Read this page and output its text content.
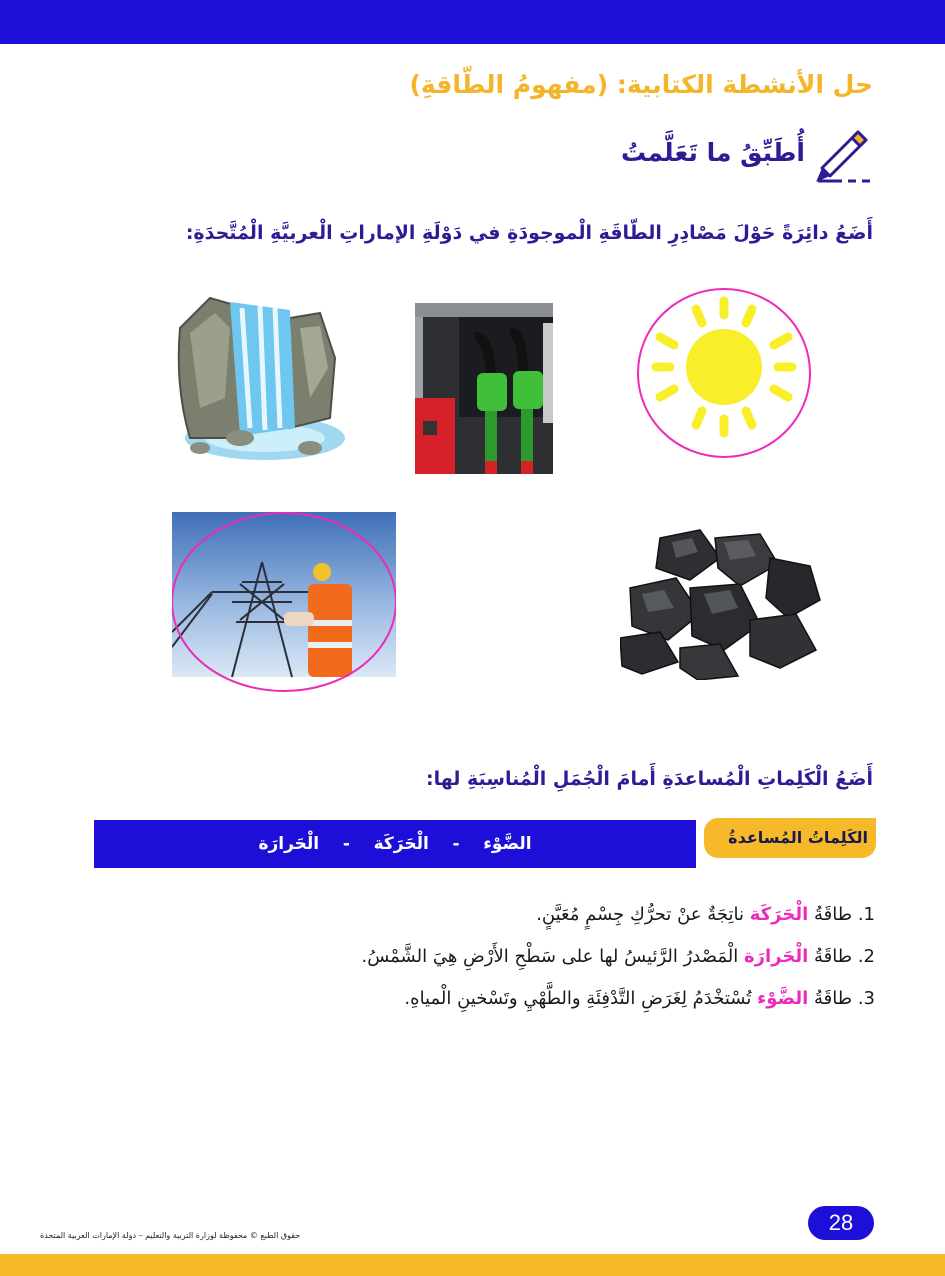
حل الأنشطة الكتابية: (مفهومُ الطّاقةِ)
أُطَبِّقُ ما تَعَلَّمتُ
أَضَعُ دائِرَةً حَوْلَ مَصْادِرِ الطّاقَةِ الْموجودَةِ في دَوْلَةِ الإماراتِ الْعربيَّةِ الْمُتَّحدَةِ:
أَضَعُ الْكَلِماتِ الْمُساعدَةِ أَمامَ الْجُمَلِ الْمُناسِبَةِ لها:
الكَلِماتُ المُساعدةُ
الضَّوْء    -    الْحَرَكَة    -    الْحَرارَة
1. طاقَةُ الْحَرَكَة ناتِجَةٌ عنْ تحرُّكِ جِسْمٍ مُعَيَّنٍ.
2. طاقَةُ الْحَرارَة الْمَصْدرُ الرَّئيسُ لها على سَطْحِ الأَرْضِ هِيَ الشَّمْسُ.
3. طاقَةُ الضَّوْء تُسْتخْدَمُ لِغَرَضِ التَّدْفِئَةِ والطَّهْيِ وتَسْخينِ الْمياهِ.
28
حقوق الطبع © محفوظة لوزارة التربية والتعليم – دولة الإمارات العربية المتحدة
